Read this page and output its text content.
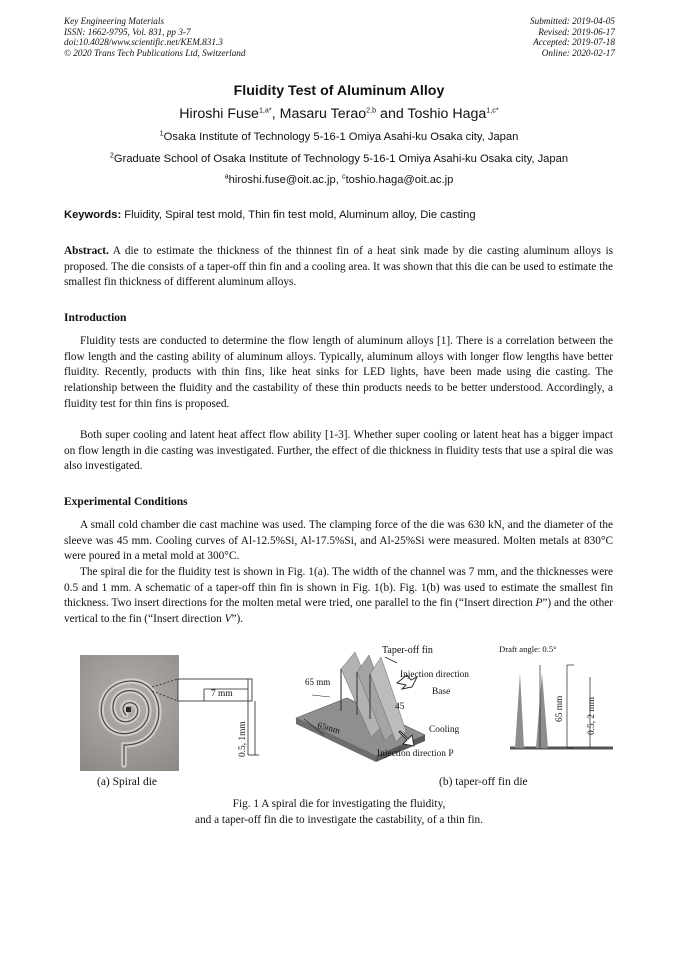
Key Engineering Materials
ISSN: 1662-9795, Vol. 831, pp 3-7
doi:10.4028/www.scientific.net/KEM.831.3
© 2020 Trans Tech Publications Ltd, Switzerland
Submitted: 2019-04-05
Revised: 2019-06-17
Accepted: 2019-07-18
Online: 2020-02-17
Fluidity Test of Aluminum Alloy
Hiroshi Fuse$^{1,a*}$, Masaru Terao$^{2,b}$ and Toshio Haga$^{1,c*}$
$^1$Osaka Institute of Technology 5-16-1 Omiya Asahi-ku Osaka city, Japan
$^2$Graduate School of Osaka Institute of Technology 5-16-1 Omiya Asahi-ku Osaka city, Japan
$^a$hiroshi.fuse@oit.ac.jp, $^c$toshio.haga@oit.ac.jp
Keywords: Fluidity, Spiral test mold, Thin fin test mold, Aluminum alloy, Die casting

Abstract. A die to estimate the thickness of the thinnest fin of a heat sink made by die casting aluminum alloys is proposed. The die consists of a taper-off thin fin and a cooling area. It was shown that this die can be used to estimate the smallest fin thickness of different aluminum alloys.

Introduction

Fluidity tests are conducted to determine the flow length of aluminum alloys [1]. There is a correlation between the flow length and the casting ability of aluminum alloys. Typically, aluminum alloys with longer flow lengths have better fluidity. Recently, products with thin fins, like heat sinks for LED lights, have been made using die casting. The relationship between the fluidity and the castability of these thin products needs to be better understood. Accordingly, a fluidity test for thin fins is proposed.

Both super cooling and latent heat affect flow ability [1-3]. Whether super cooling or latent heat has a bigger impact on flow length in die casting was investigated. Further, the effect of die thickness in fluidity tests that use a spiral die was also investigated.

Experimental Conditions

A small cold chamber die cast machine was used. The clamping force of the die was 630 kN, and the diameter of the sleeve was 45 mm. Cooling curves of Al-12.5%Si, Al-17.5%Si, and Al-25%Si were measured. Molten metals at 830°C were poured in a metal mold at 300°C.

The spiral die for the fluidity test is shown in Fig. 1(a). The width of the channel was 7 mm, and the thicknesses were 0.5 and 1 mm. A schematic of a taper-off thin fin is shown in Fig. 1(b). Fig. 1(b) was used to estimate the smallest fin thickness. Two insert directions for the molten metal were tried, one parallel to the fin (“Insert direction P”) and the other vertical to the fin (“Insert direction V”).

7 mm
0.5, 1mm
Taper-off fin
65 mm
65mm
Injection direction
Base
45
Cooling
Injection direction P
Draft angle: 0.5°
65 mm 0.5, 2 mm
(a) Spiral die	(b) taper-off fin die
Fig. 1 A spiral die for investigating the fluidity,
and a taper-off fin die to investigate the castability, of a thin fin.
